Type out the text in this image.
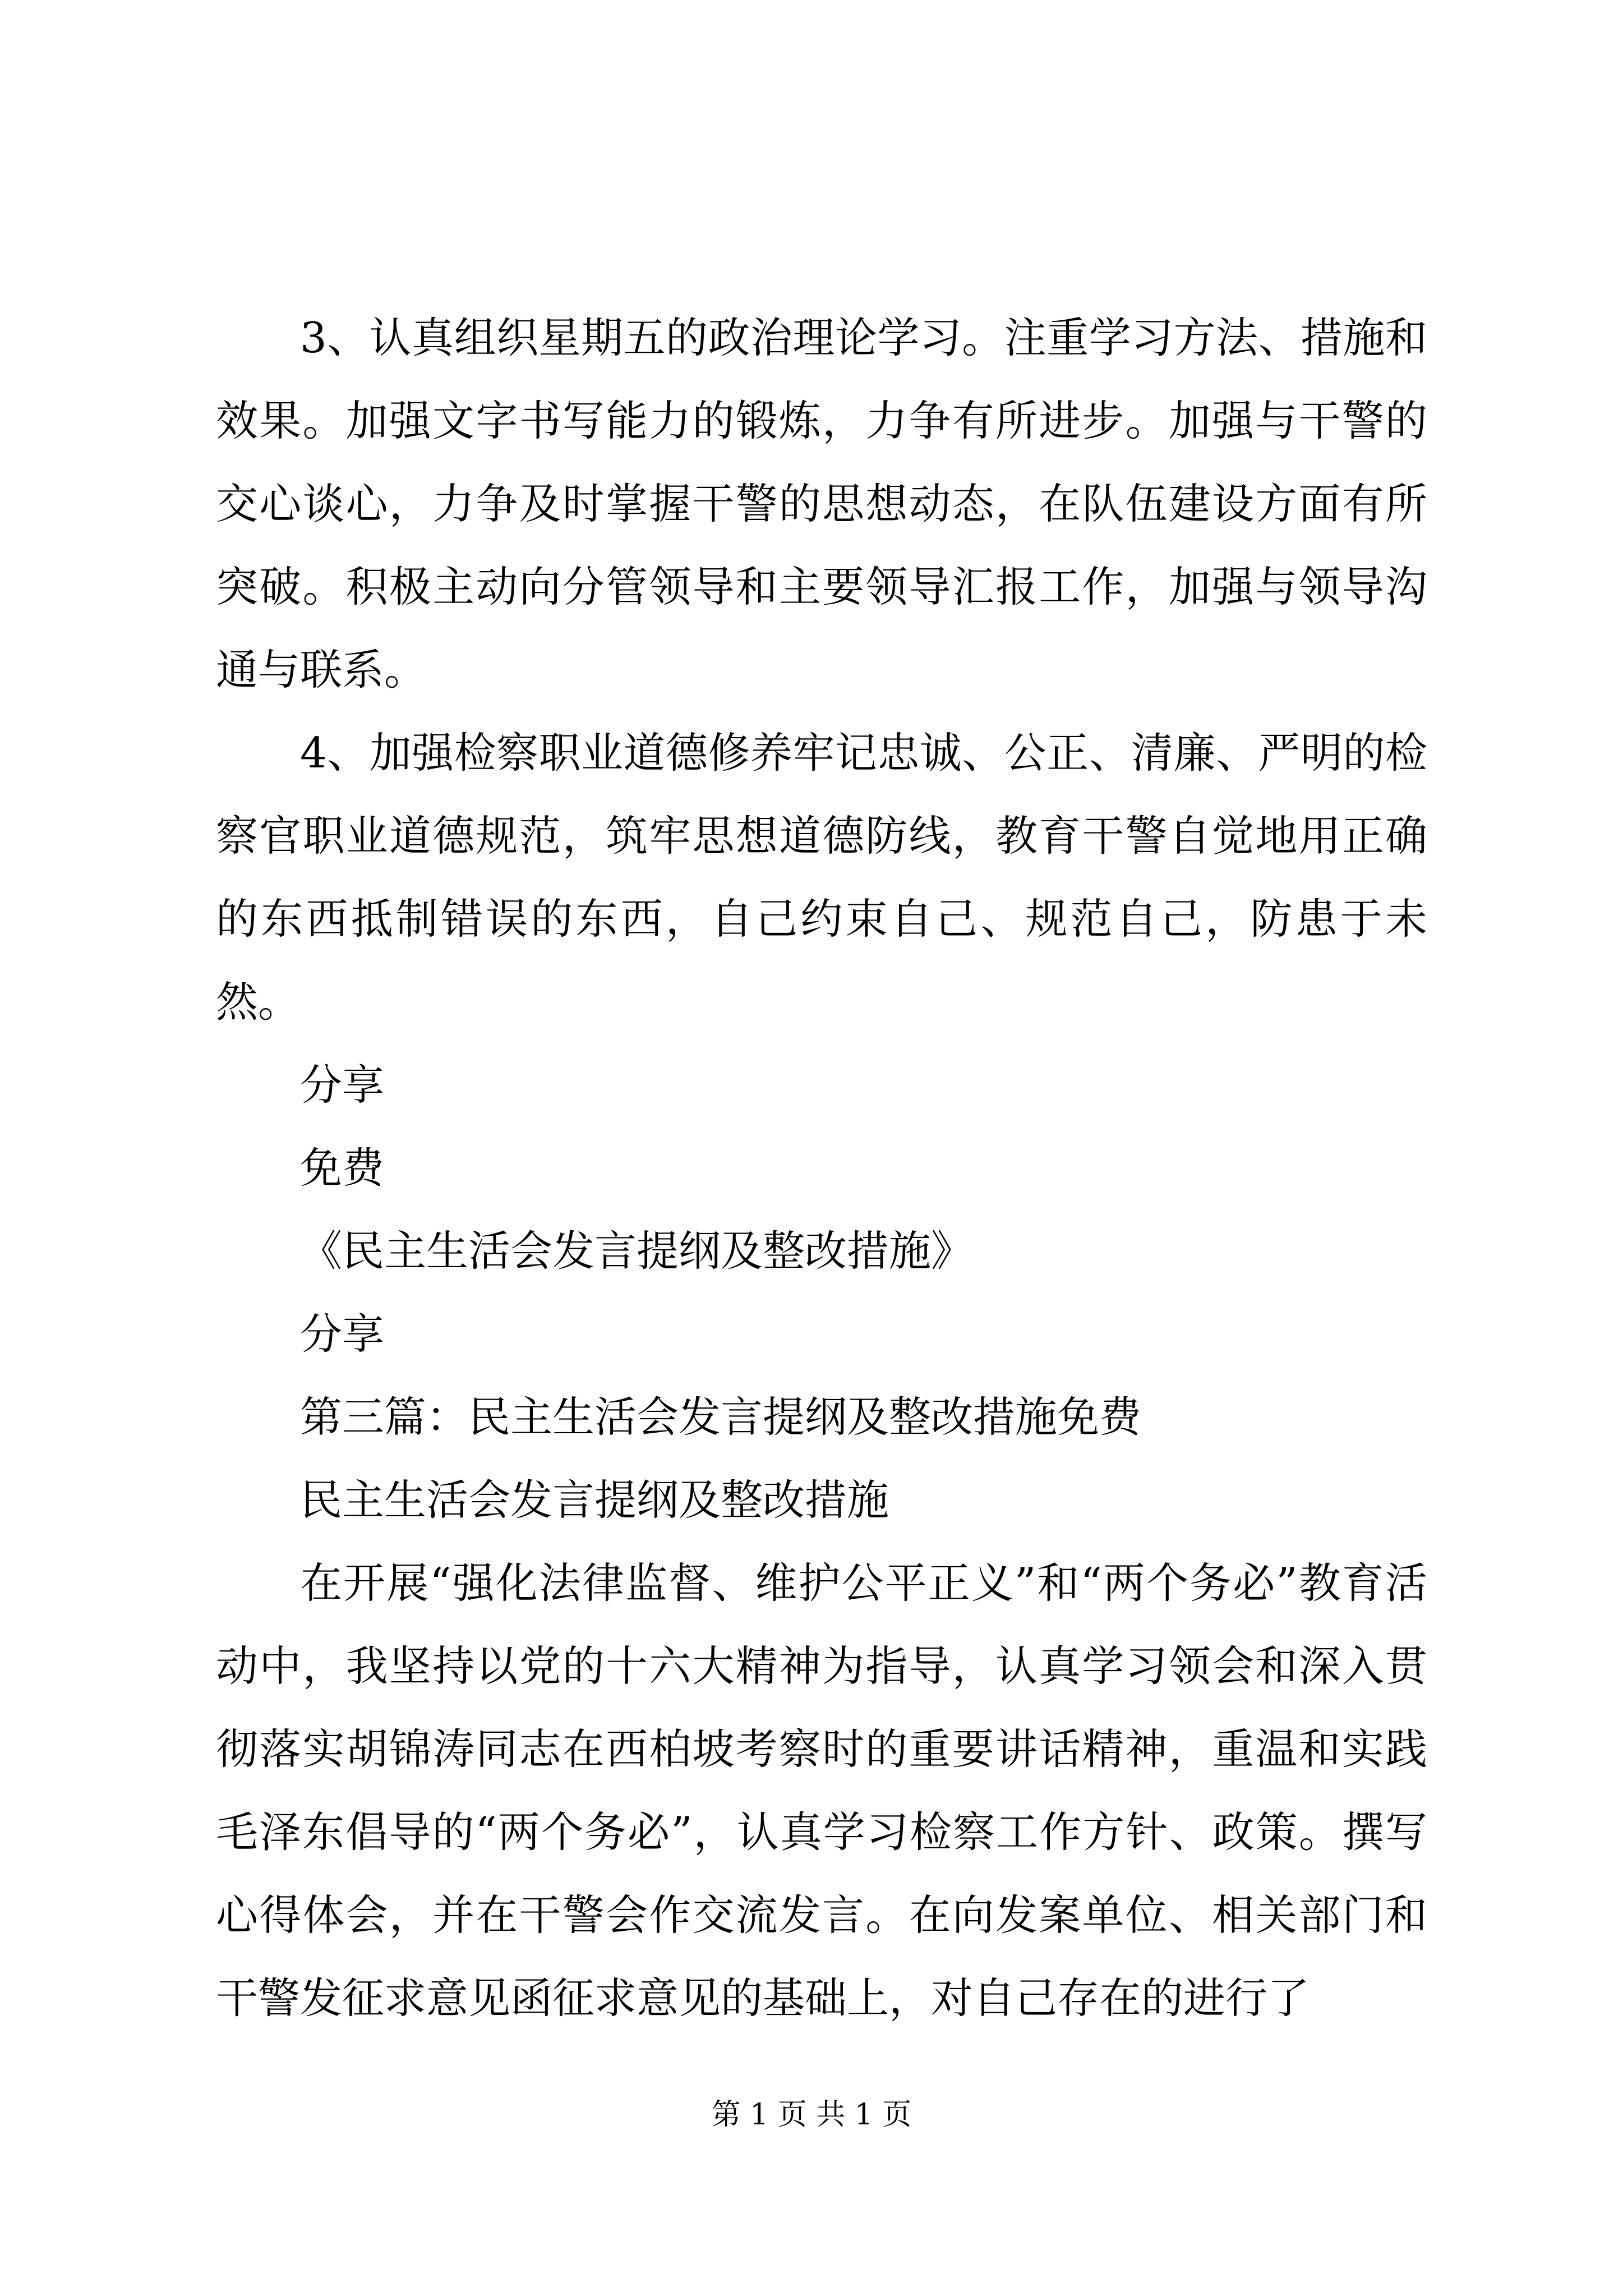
3、认真组织星期五的政治理论学习。注重学习方法、措施和效果。加强文字书写能力的锻炼，力争有所进步。加强与干警的交心谈心，力争及时掌握干警的思想动态，在队伍建设方面有所突破。积极主动向分管领导和主要领导汇报工作，加强与领导沟通与联系。

4、加强检察职业道德修养牢记忠诚、公正、清廉、严明的检察官职业道德规范，筑牢思想道德防线，教育干警自觉地用正确的东西抵制错误的东西，自己约束自己、规范自己，防患于未然。

分享

免费

《民主生活会发言提纲及整改措施》

分享

第三篇：民主生活会发言提纲及整改措施免费

民主生活会发言提纲及整改措施

在开展“强化法律监督、维护公平正义”和“两个务必”教育活动中，我坚持以党的十六大精神为指导，认真学习领会和深入贯彻落实胡锦涛同志在西柏坡考察时的重要讲话精神，重温和实践毛泽东倡导的“两个务必”，认真学习检察工作方针、政策。撰写心得体会，并在干警会作交流发言。在向发案单位、相关部门和干警发征求意见函征求意见的基础上，对自己存在的进行了

第 1 页 共 1 页
